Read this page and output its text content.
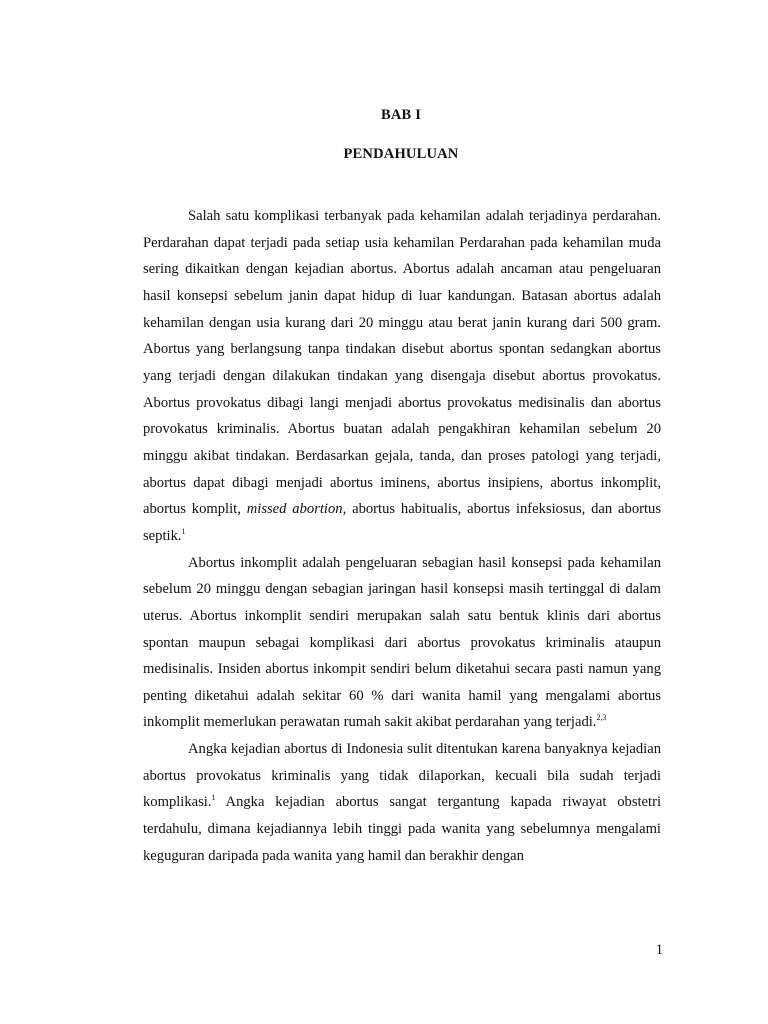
BAB I
PENDAHULUAN

Salah satu komplikasi terbanyak pada kehamilan adalah terjadinya perdarahan. Perdarahan dapat terjadi pada setiap usia kehamilan Perdarahan pada kehamilan muda sering dikaitkan dengan kejadian abortus. Abortus adalah ancaman atau pengeluaran hasil konsepsi sebelum janin dapat hidup di luar kandungan. Batasan abortus adalah kehamilan dengan usia kurang dari 20 minggu atau berat janin kurang dari 500 gram. Abortus yang berlangsung tanpa tindakan disebut abortus spontan sedangkan abortus yang terjadi dengan dilakukan tindakan yang disengaja disebut abortus provokatus. Abortus provokatus dibagi langi menjadi abortus provokatus medisinalis dan abortus provokatus kriminalis. Abortus buatan adalah pengakhiran kehamilan sebelum 20 minggu akibat tindakan. Berdasarkan gejala, tanda, dan proses patologi yang terjadi, abortus dapat dibagi menjadi abortus iminens, abortus insipiens, abortus inkomplit, abortus komplit, missed abortion, abortus habitualis, abortus infeksiosus, dan abortus septik.$^1$

Abortus inkomplit adalah pengeluaran sebagian hasil konsepsi pada kehamilan sebelum 20 minggu dengan sebagian jaringan hasil konsepsi masih tertinggal di dalam uterus. Abortus inkomplit sendiri merupakan salah satu bentuk klinis dari abortus spontan maupun sebagai komplikasi dari abortus provokatus kriminalis ataupun medisinalis. Insiden abortus inkompit sendiri belum diketahui secara pasti namun yang penting diketahui adalah sekitar 60 % dari wanita hamil yang mengalami abortus inkomplit memerlukan perawatan rumah sakit akibat perdarahan yang terjadi.$^{2,3}$

Angka kejadian abortus di Indonesia sulit ditentukan karena banyaknya kejadian abortus provokatus kriminalis yang tidak dilaporkan, kecuali bila sudah terjadi komplikasi.$^1$ Angka kejadian abortus sangat tergantung kapada riwayat obstetri terdahulu, dimana kejadiannya lebih tinggi pada wanita yang sebelumnya mengalami keguguran daripada pada wanita yang hamil dan berakhir dengan

1
